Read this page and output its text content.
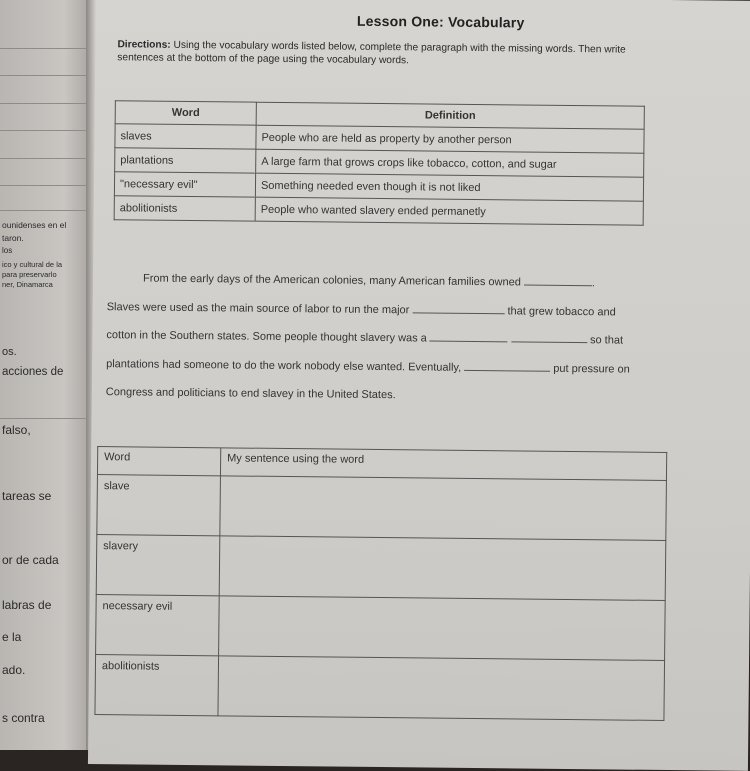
ounidenses en el
taron.
los
ico y cultural de la
para preservarlo
ner, Dinamarca
os.
acciones de
falso,
tareas se
or de cada
labras de
e la
ado.
s contra
Lesson One: Vocabulary
Directions: Using the vocabulary words listed below, complete the paragraph with the missing words. Then write sentences at the bottom of the page using the vocabulary words.
Word	Definition
slaves	People who are held as property by another person
plantations	A large farm that grows crops like tobacco, cotton, and sugar
"necessary evil"	Something needed even though it is not liked
abolitionists	People who wanted slavery ended permanetly
From the early days of the American colonies, many American families owned	.
Slaves were used as the main source of labor to run the major	that grew tobacco and
cotton in the Southern states. Some people thought slavery was a	so that
plantations had someone to do the work nobody else wanted. Eventually,	put pressure on
Congress and politicians to end slavey in the United States.
Word	My sentence using the word
slave	
slavery	
necessary evil	
abolitionists	
